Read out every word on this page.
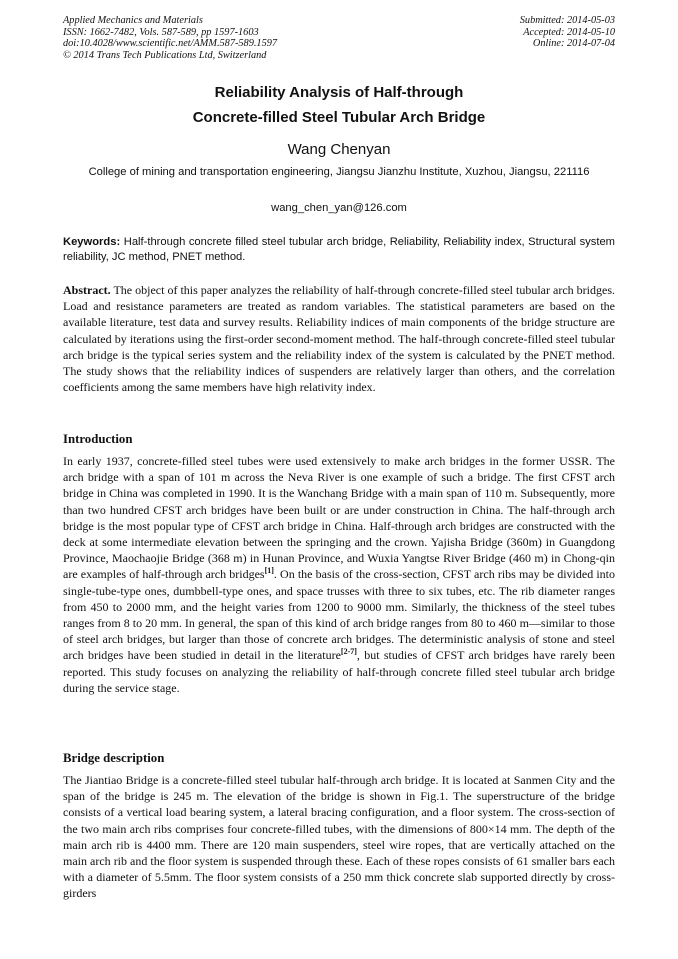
Applied Mechanics and Materials
ISSN: 1662-7482, Vols. 587-589, pp 1597-1603
doi:10.4028/www.scientific.net/AMM.587-589.1597
© 2014 Trans Tech Publications Ltd, Switzerland
Submitted: 2014-05-03
Accepted: 2014-05-10
Online: 2014-07-04
Reliability Analysis of Half-through
Concrete-filled Steel Tubular Arch Bridge
Wang Chenyan
College of mining and transportation engineering, Jiangsu Jianzhu Institute, Xuzhou, Jiangsu, 221116
wang_chen_yan@126.com
Keywords: Half-through concrete filled steel tubular arch bridge, Reliability, Reliability index, Structural system reliability, JC method, PNET method.
Abstract. The object of this paper analyzes the reliability of half-through concrete-filled steel tubular arch bridges. Load and resistance parameters are treated as random variables. The statistical parameters are based on the available literature, test data and survey results. Reliability indices of main components of the bridge structure are calculated by iterations using the first-order second-moment method. The half-through concrete-filled steel tubular arch bridge is the typical series system and the reliability index of the system is calculated by the PNET method. The study shows that the reliability indices of suspenders are relatively larger than others, and the correlation coefficients among the same members have high relativity index.
Introduction
In early 1937, concrete-filled steel tubes were used extensively to make arch bridges in the former USSR. The arch bridge with a span of 101 m across the Neva River is one example of such a bridge. The first CFST arch bridge in China was completed in 1990. It is the Wanchang Bridge with a main span of 110 m. Subsequently, more than two hundred CFST arch bridges have been built or are under construction in China. The half-through arch bridge is the most popular type of CFST arch bridge in China. Half-through arch bridges are constructed with the deck at some intermediate elevation between the springing and the crown. Yajisha Bridge (360m) in Guangdong Province, Maochaojie Bridge (368 m) in Hunan Province, and Wuxia Yangtse River Bridge (460 m) in Chong-qin are examples of half-through arch bridges[1]. On the basis of the cross-section, CFST arch ribs may be divided into single-tube-type ones, dumbbell-type ones, and space trusses with three to six tubes, etc. The rib diameter ranges from 450 to 2000 mm, and the height varies from 1200 to 9000 mm. Similarly, the thickness of the steel tubes ranges from 8 to 20 mm. In general, the span of this kind of arch bridge ranges from 80 to 460 m—similar to those of steel arch bridges, but larger than those of concrete arch bridges. The deterministic analysis of stone and steel arch bridges have been studied in detail in the literature[2-7], but studies of CFST arch bridges have rarely been reported. This study focuses on analyzing the reliability of half-through concrete filled steel tubular arch bridge during the service stage.
Bridge description
The Jiantiao Bridge is a concrete-filled steel tubular half-through arch bridge. It is located at Sanmen City and the span of the bridge is 245 m. The elevation of the bridge is shown in Fig.1. The superstructure of the bridge consists of a vertical load bearing system, a lateral bracing configuration, and a floor system. The cross-section of the two main arch ribs comprises four concrete-filled tubes, with the dimensions of 800×14 mm. The depth of the main arch rib is 4400 mm. There are 120 main suspenders, steel wire ropes, that are vertically attached on the main arch rib and the floor system is suspended through these. Each of these ropes consists of 61 smaller bars each with a diameter of 5.5mm. The floor system consists of a 250 mm thick concrete slab supported directly by cross-girders
